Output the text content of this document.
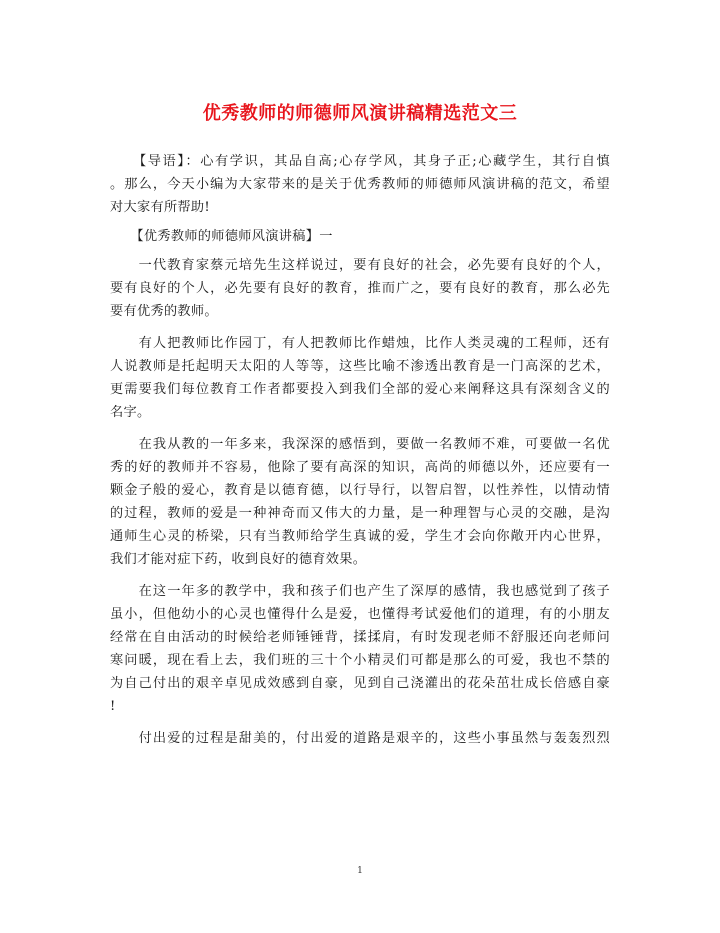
优秀教师的师德师风演讲稿精选范文三
　　【导语】：心有学识，其品自高;心存学风，其身子正;心藏学生，其行自慎
。那么，今天小编为大家带来的是关于优秀教师的师德师风演讲稿的范文，希望
对大家有所帮助!
　　【优秀教师的师德师风演讲稿】一
　　一代教育家蔡元培先生这样说过，要有良好的社会，必先要有良好的个人，
要有良好的个人，必先要有良好的教育，推而广之，要有良好的教育，那么必先
要有优秀的教师。
　　有人把教师比作园丁，有人把教师比作蜡烛，比作人类灵魂的工程师，还有
人说教师是托起明天太阳的人等等，这些比喻不渗透出教育是一门高深的艺术，
更需要我们每位教育工作者都要投入到我们全部的爱心来阐释这具有深刻含义的
名字。
　　在我从教的一年多来，我深深的感悟到，要做一名教师不难，可要做一名优
秀的好的教师并不容易，他除了要有高深的知识，高尚的师德以外，还应要有一
颗金子般的爱心，教育是以德育德，以行导行，以智启智，以性养性，以情动情
的过程，教师的爱是一种神奇而又伟大的力量，是一种理智与心灵的交融，是沟
通师生心灵的桥梁，只有当教师给学生真诚的爱，学生才会向你敞开内心世界，
我们才能对症下药，收到良好的德育效果。
　　在这一年多的教学中，我和孩子们也产生了深厚的感情，我也感觉到了孩子
虽小，但他幼小的心灵也懂得什么是爱，也懂得考试爱他们的道理，有的小朋友
经常在自由活动的时候给老师锤锤背，揉揉肩，有时发现老师不舒服还向老师问
寒问暖，现在看上去，我们班的三十个小精灵们可都是那么的可爱，我也不禁的
为自己付出的艰辛卓见成效感到自豪，见到自己浇灌出的花朵茁壮成长倍感自豪
!
　　付出爱的过程是甜美的，付出爱的道路是艰辛的，这些小事虽然与轰轰烈烈
1
